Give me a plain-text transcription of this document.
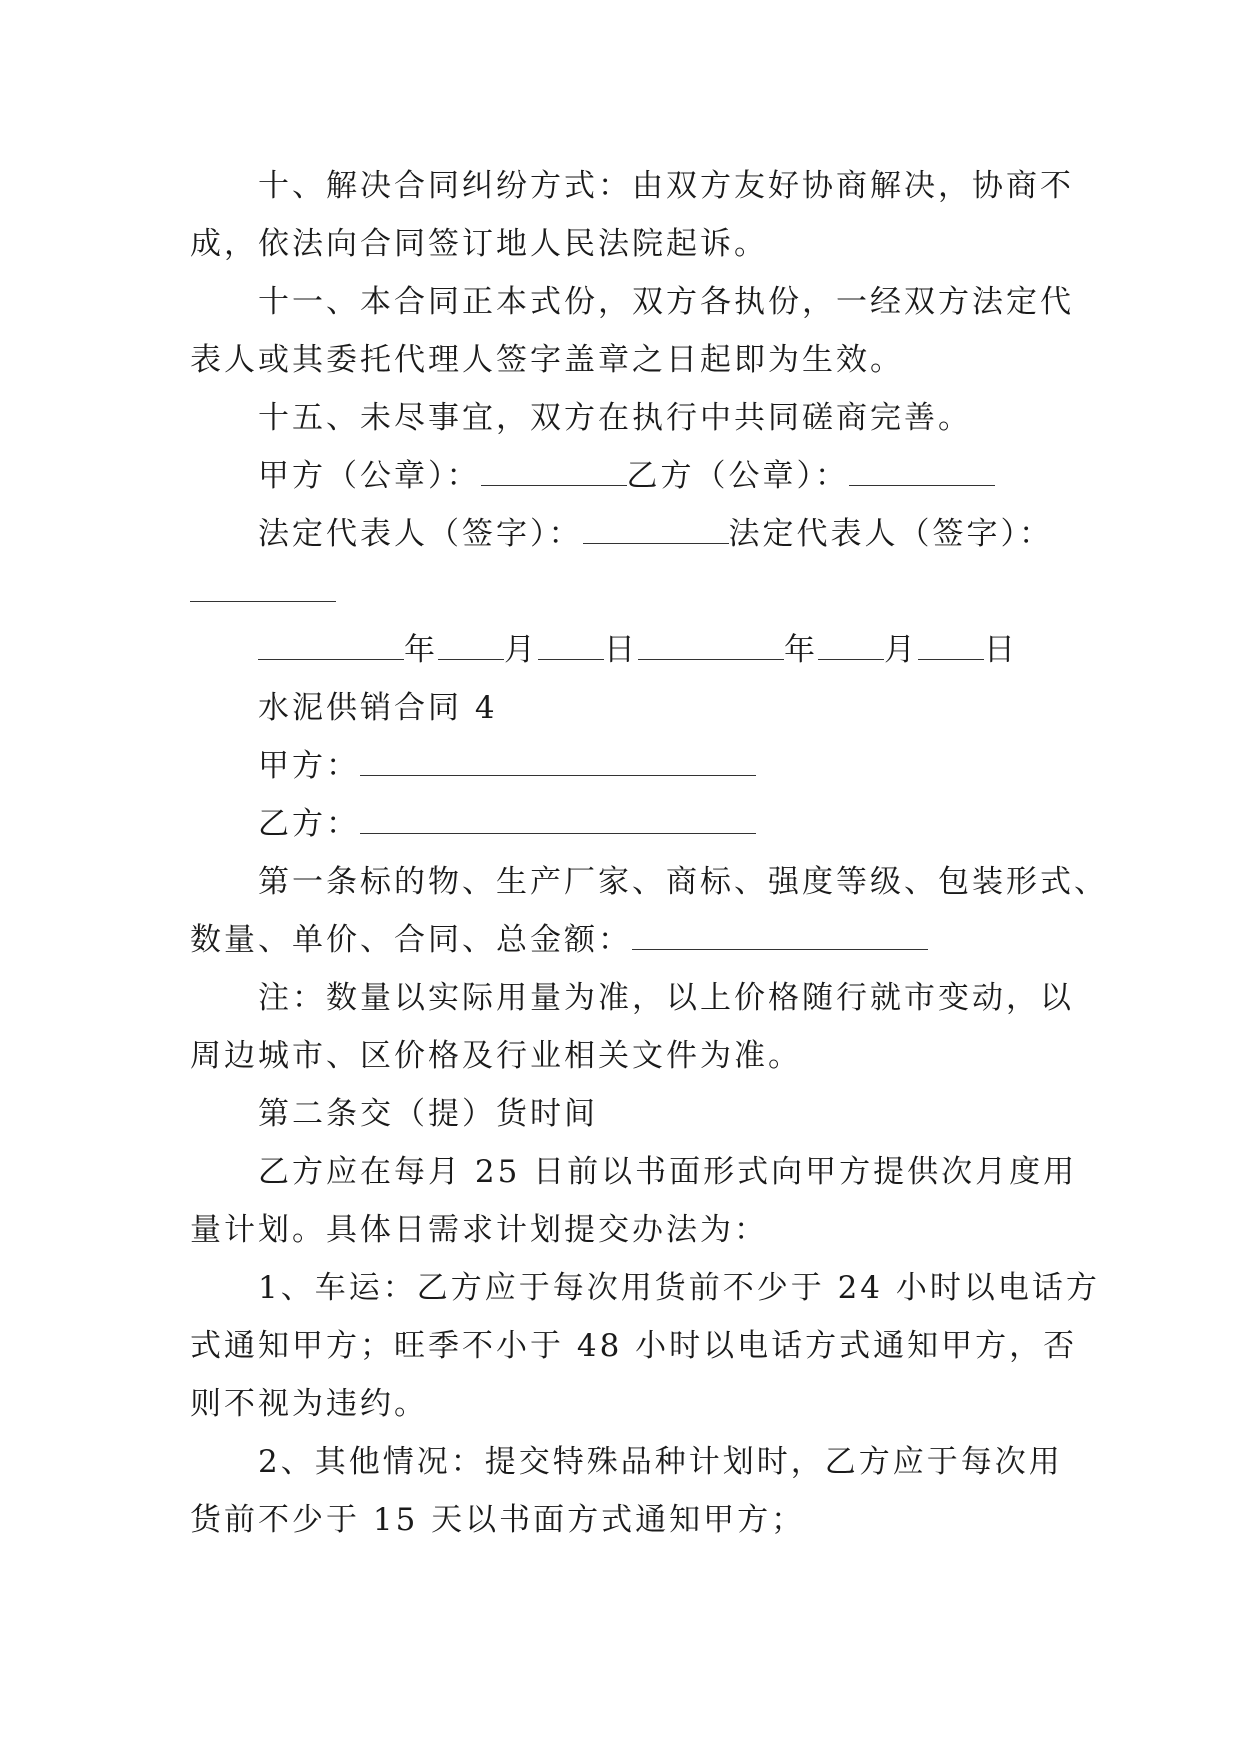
十、解决合同纠纷方式：由双方友好协商解决，协商不
成，依法向合同签订地人民法院起诉。
十一、本合同正本式份，双方各执份，一经双方法定代
表人或其委托代理人签字盖章之日起即为生效。
十五、未尽事宜，双方在执行中共同磋商完善。
甲方（公章）：	乙方（公章）：
法定代表人（签字）：	法定代表人（签字）：
年 月 日	年 月 日
水泥供销合同 4
甲方：
乙方：
第一条标的物、生产厂家、商标、强度等级、包装形式、
数量、单价、合同、总金额：
注：数量以实际用量为准，以上价格随行就市变动，以
周边城市、区价格及行业相关文件为准。
第二条交（提）货时间
乙方应在每月 25 日前以书面形式向甲方提供次月度用
量计划。具体日需求计划提交办法为：
1、车运：乙方应于每次用货前不少于 24 小时以电话方
式通知甲方；旺季不小于 48 小时以电话方式通知甲方，否
则不视为违约。
2、其他情况：提交特殊品种计划时，乙方应于每次用
货前不少于 15 天以书面方式通知甲方；
